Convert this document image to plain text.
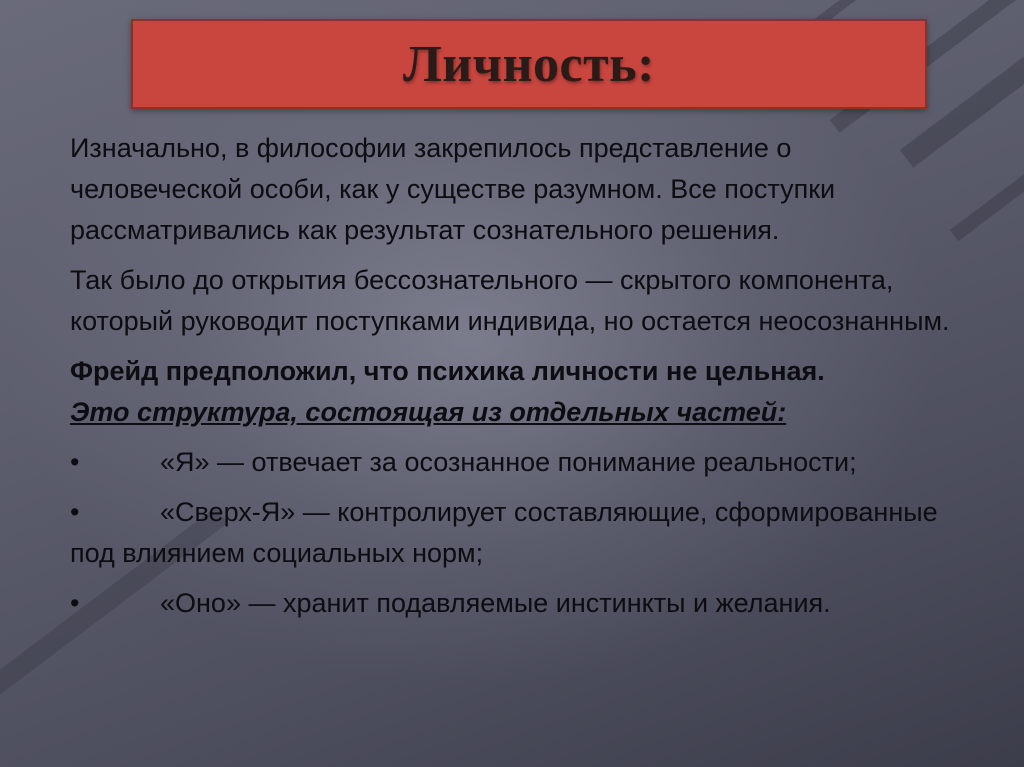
Личность:

Изначально, в философии закрепилось представление о человеческой особи, как у существе разумном. Все поступки рассматривались как результат сознательного решения.

Так было до открытия бессознательного — скрытого компонента, который руководит поступками индивида, но остается неосознанным.

Фрейд предположил, что психика личности не цельная.

Это структура, состоящая из отдельных частей:

•	«Я» — отвечает за осознанное понимание реальности;

•	«Сверх-Я» — контролирует составляющие, сформированные под влиянием социальных норм;

•	«Оно» — хранит подавляемые инстинкты и желания.
